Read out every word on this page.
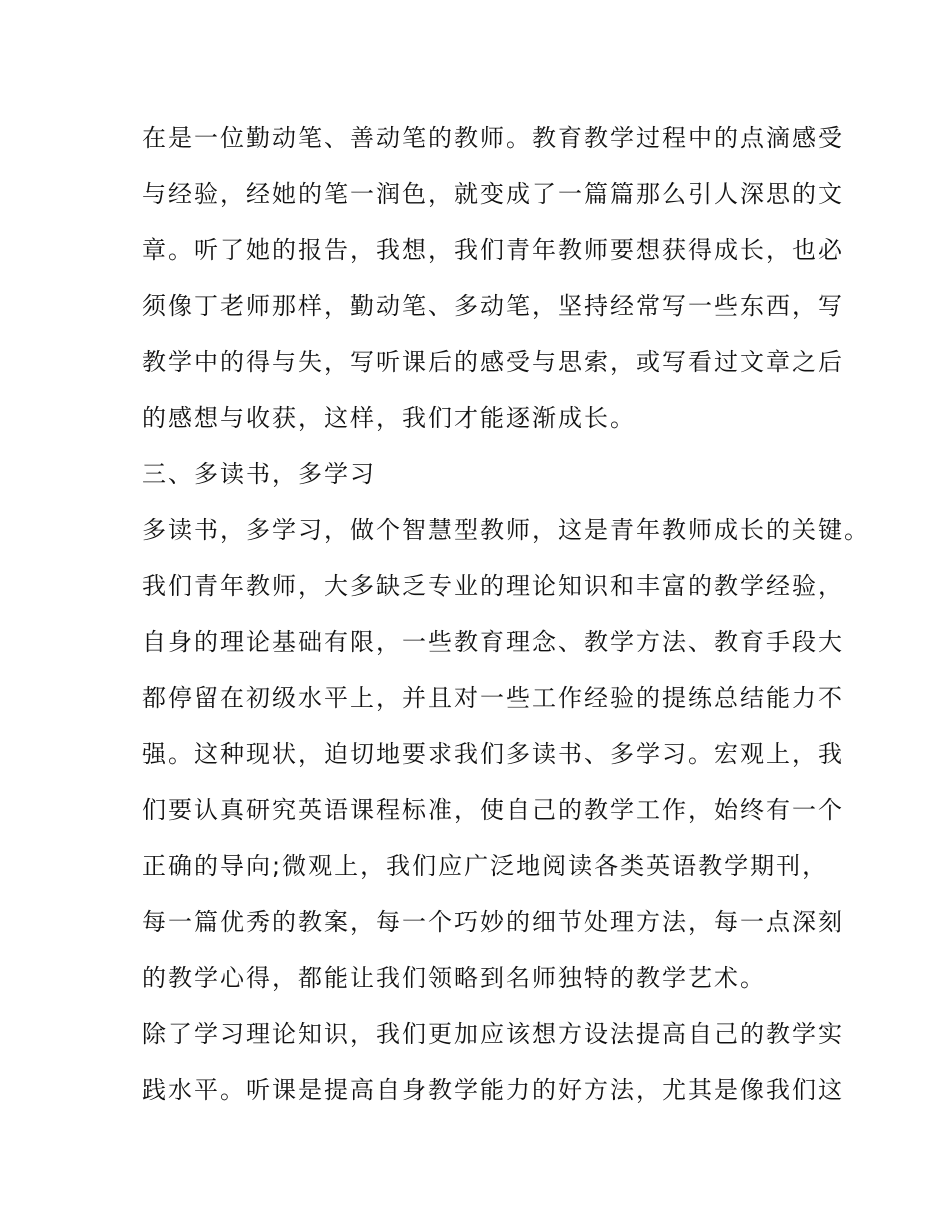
在是一位勤动笔、善动笔的教师。教育教学过程中的点滴感受
与经验，经她的笔一润色，就变成了一篇篇那么引人深思的文
章。听了她的报告，我想，我们青年教师要想获得成长，也必
须像丁老师那样，勤动笔、多动笔，坚持经常写一些东西，写
教学中的得与失，写听课后的感受与思索，或写看过文章之后
的感想与收获，这样，我们才能逐渐成长。
三、多读书，多学习
多读书，多学习，做个智慧型教师，这是青年教师成长的关键。
我们青年教师，大多缺乏专业的理论知识和丰富的教学经验，
自身的理论基础有限，一些教育理念、教学方法、教育手段大
都停留在初级水平上，并且对一些工作经验的提练总结能力不
强。这种现状，迫切地要求我们多读书、多学习。宏观上，我
们要认真研究英语课程标准，使自己的教学工作，始终有一个
正确的导向;微观上，我们应广泛地阅读各类英语教学期刊，
每一篇优秀的教案，每一个巧妙的细节处理方法，每一点深刻
的教学心得，都能让我们领略到名师独特的教学艺术。
除了学习理论知识，我们更加应该想方设法提高自己的教学实
践水平。听课是提高自身教学能力的好方法，尤其是像我们这
